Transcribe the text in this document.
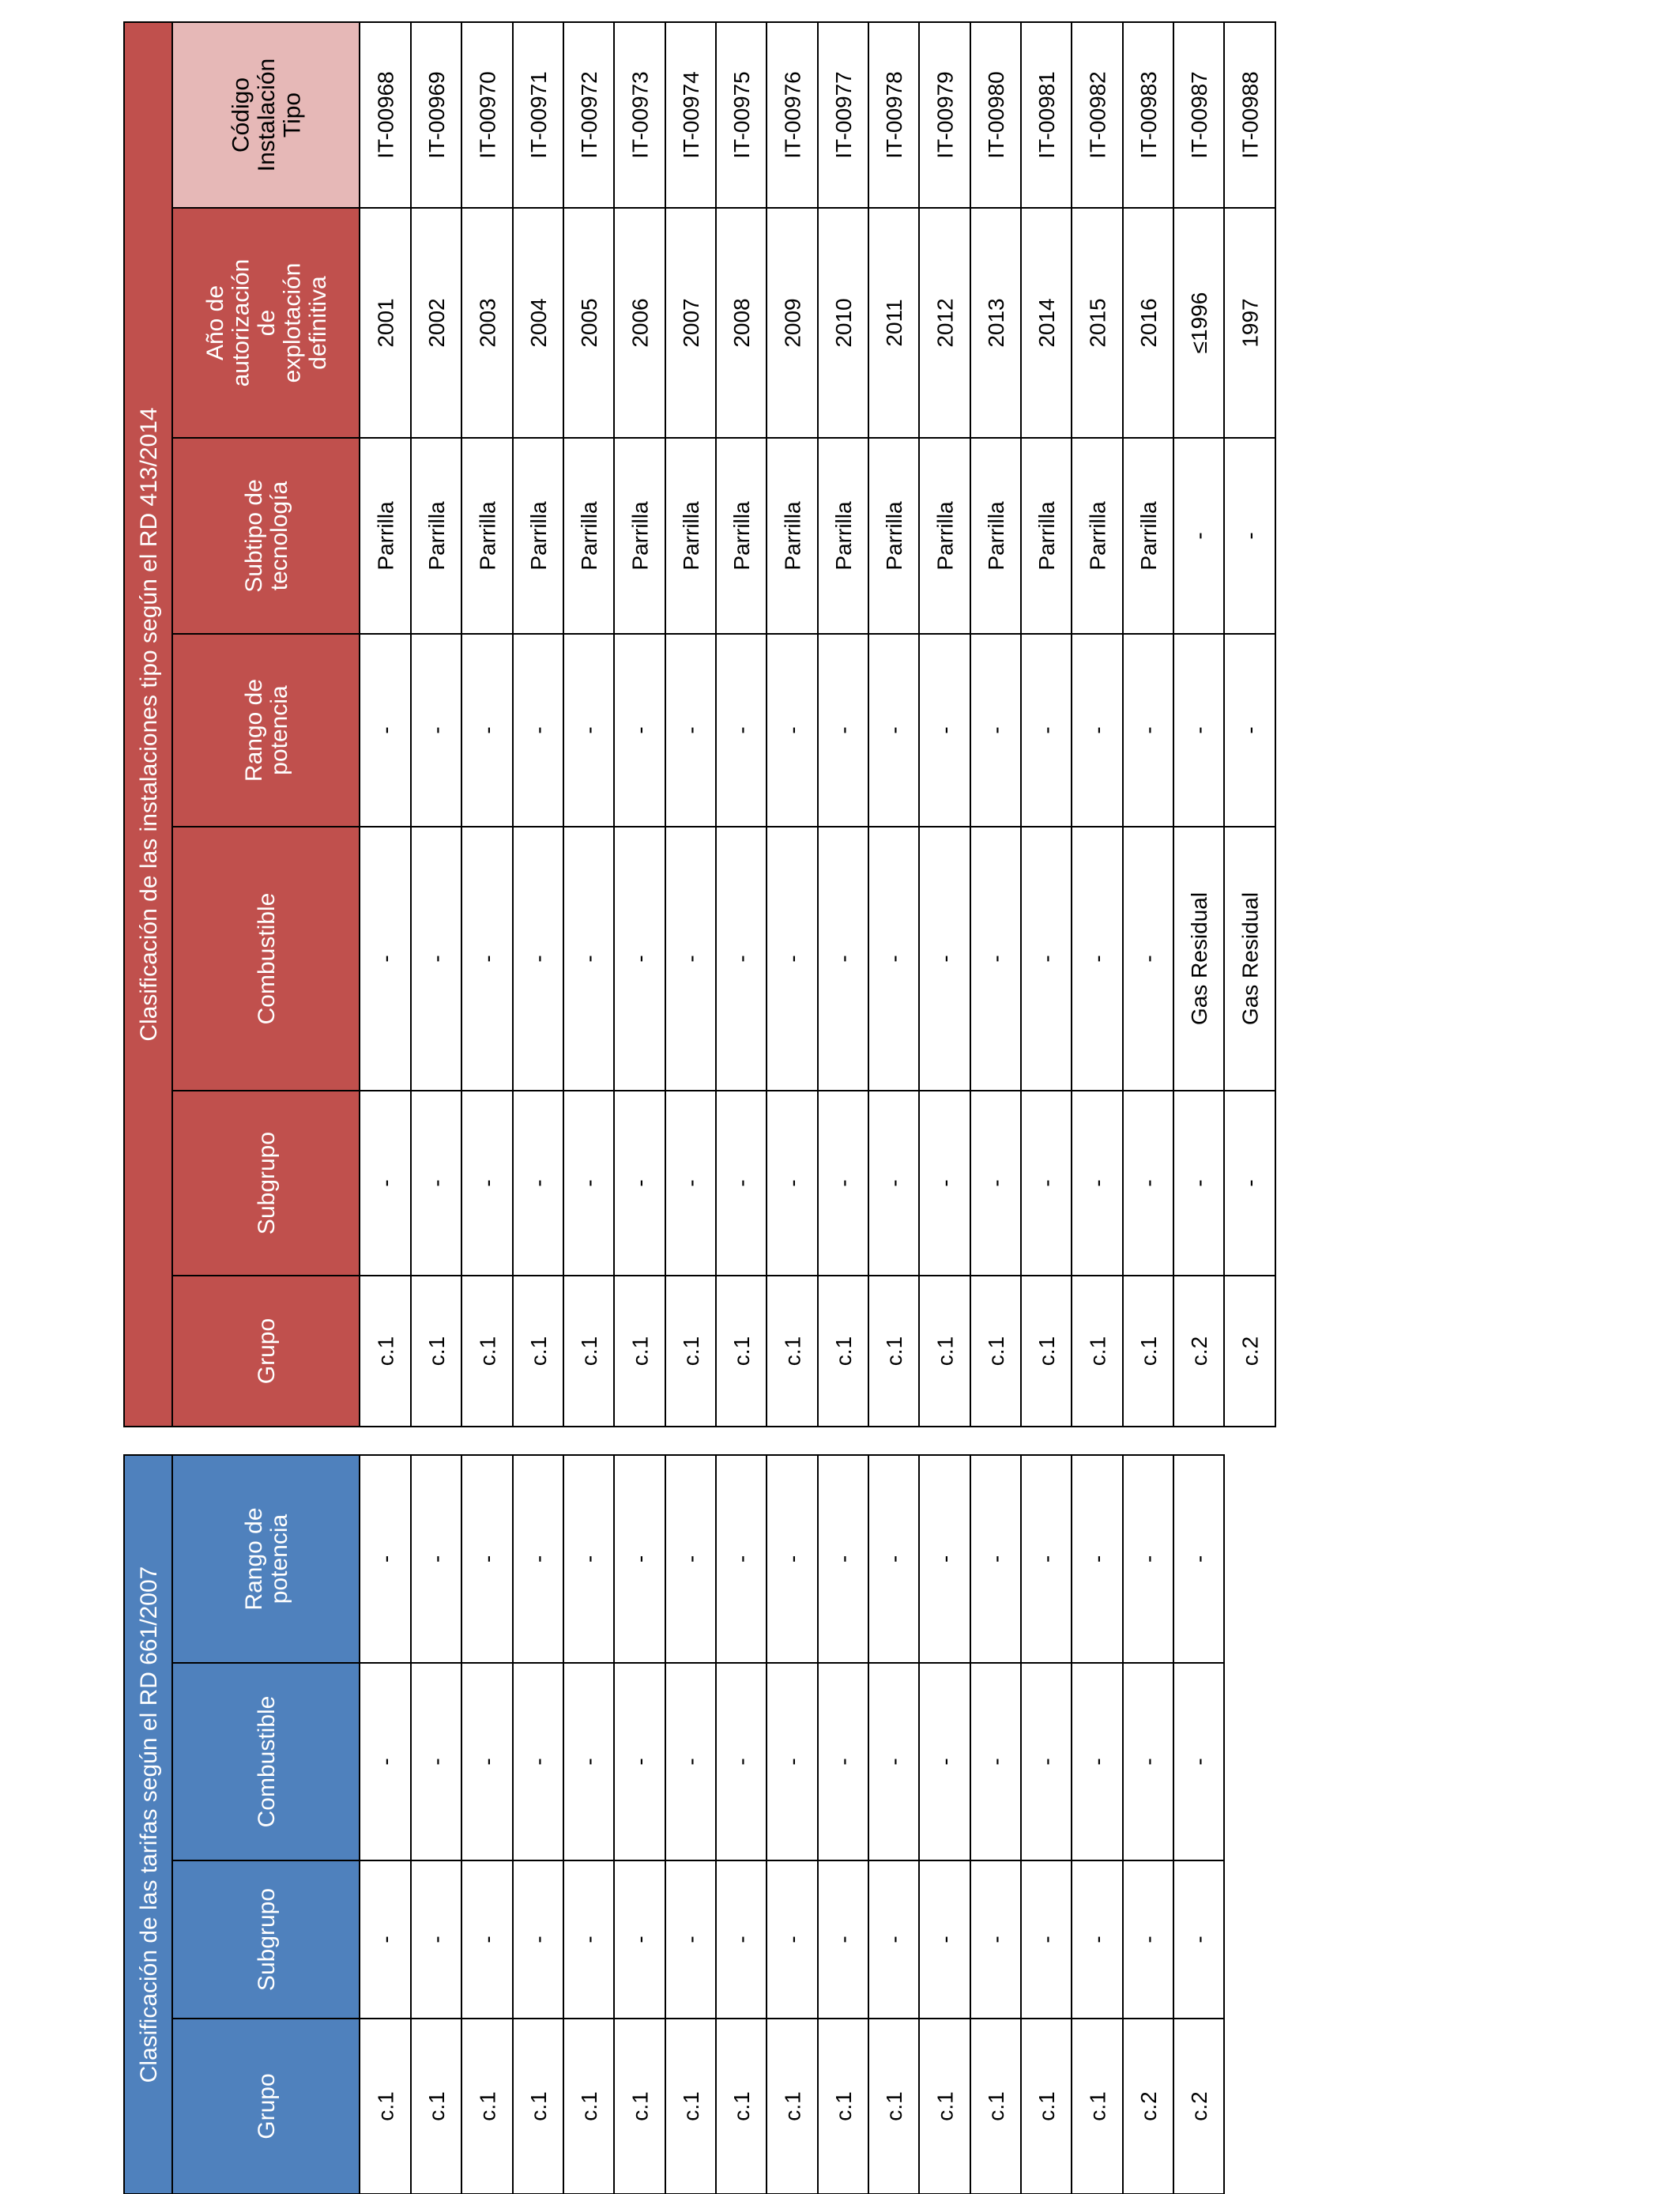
Clasificación de las tarifas según el RD 661/2007
Grupo
Subgrupo
Combustible
Rango depotencia
c.1
-
-
-
c.1
-
-
-
c.1
-
-
-
c.1
-
-
-
c.1
-
-
-
c.1
-
-
-
c.1
-
-
-
c.1
-
-
-
c.1
-
-
-
c.1
-
-
-
c.1
-
-
-
c.1
-
-
-
c.1
-
-
-
c.1
-
-
-
c.1
-
-
-
c.2
-
-
-
c.2
-
-
-
Clasificación de las instalaciones tipo según el RD 413/2014
Grupo
Subgrupo
Combustible
Rango depotencia
Subtipo detecnología
Año deautorizacióndeexplotacióndefinitiva
CódigoInstalaciónTipo
c.1
-
-
-
Parrilla
2001
IT-00968
c.1
-
-
-
Parrilla
2002
IT-00969
c.1
-
-
-
Parrilla
2003
IT-00970
c.1
-
-
-
Parrilla
2004
IT-00971
c.1
-
-
-
Parrilla
2005
IT-00972
c.1
-
-
-
Parrilla
2006
IT-00973
c.1
-
-
-
Parrilla
2007
IT-00974
c.1
-
-
-
Parrilla
2008
IT-00975
c.1
-
-
-
Parrilla
2009
IT-00976
c.1
-
-
-
Parrilla
2010
IT-00977
c.1
-
-
-
Parrilla
2011
IT-00978
c.1
-
-
-
Parrilla
2012
IT-00979
c.1
-
-
-
Parrilla
2013
IT-00980
c.1
-
-
-
Parrilla
2014
IT-00981
c.1
-
-
-
Parrilla
2015
IT-00982
c.1
-
-
-
Parrilla
2016
IT-00983
c.2
-
Gas Residual
-
-
≤1996
IT-00987
c.2
-
Gas Residual
-
-
1997
IT-00988
